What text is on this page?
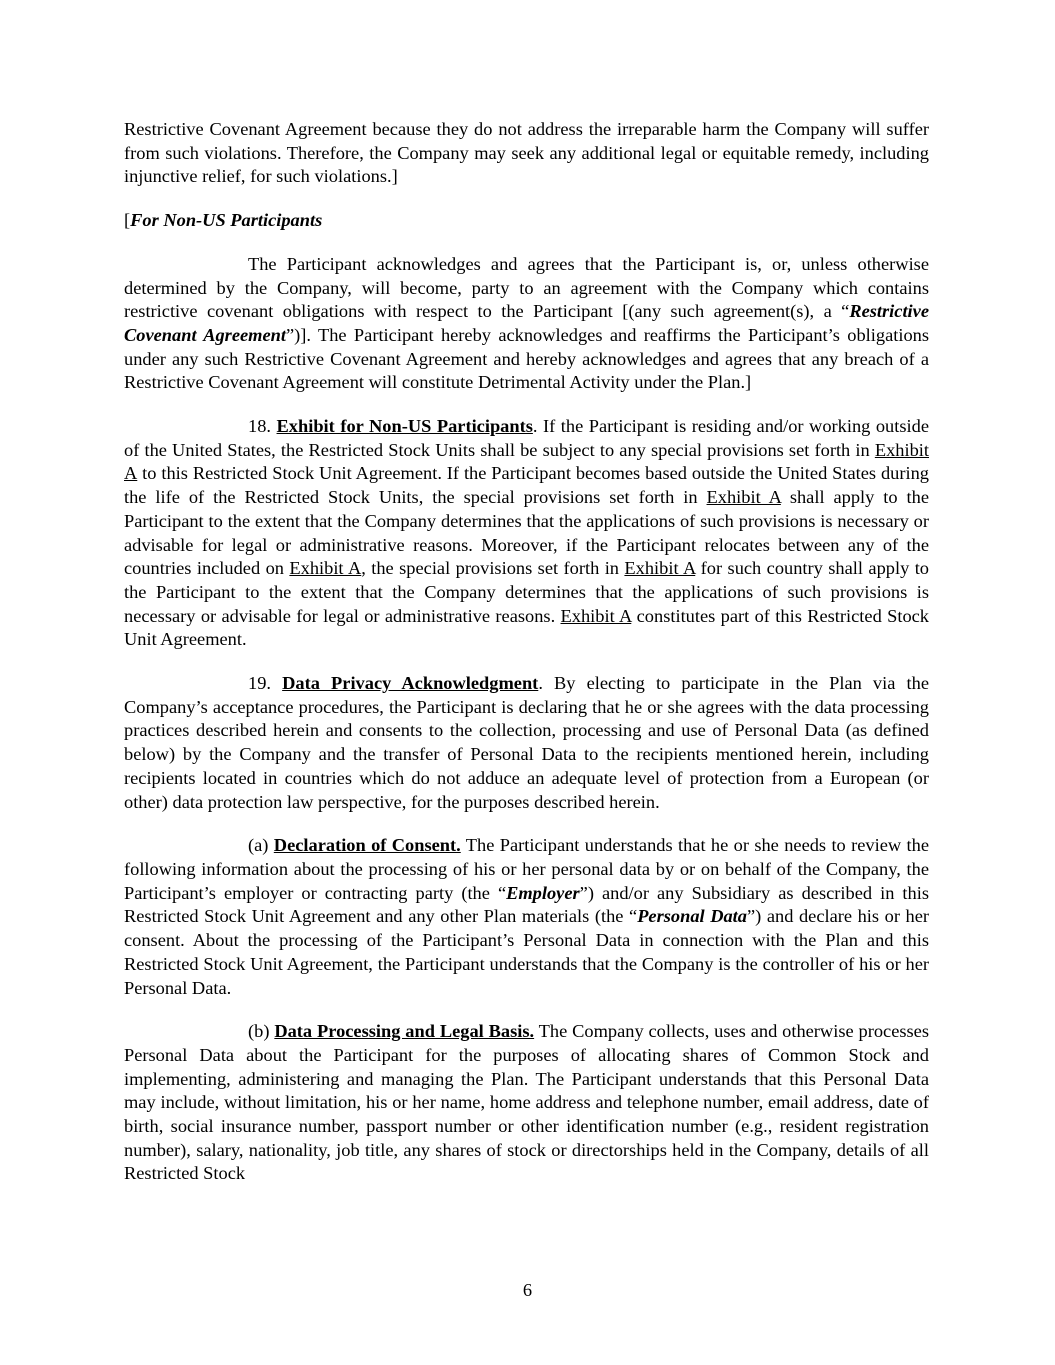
Restrictive Covenant Agreement because they do not address the irreparable harm the Company will suffer from such violations. Therefore, the Company may seek any additional legal or equitable remedy, including injunctive relief, for such violations.]

[For Non-US Participants

The Participant acknowledges and agrees that the Participant is, or, unless otherwise determined by the Company, will become, party to an agreement with the Company which contains restrictive covenant obligations with respect to the Participant [(any such agreement(s), a “Restrictive Covenant Agreement”)]. The Participant hereby acknowledges and reaffirms the Participant’s obligations under any such Restrictive Covenant Agreement and hereby acknowledges and agrees that any breach of a Restrictive Covenant Agreement will constitute Detrimental Activity under the Plan.]

18. Exhibit for Non-US Participants. If the Participant is residing and/or working outside of the United States, the Restricted Stock Units shall be subject to any special provisions set forth in Exhibit A to this Restricted Stock Unit Agreement. If the Participant becomes based outside the United States during the life of the Restricted Stock Units, the special provisions set forth in Exhibit A shall apply to the Participant to the extent that the Company determines that the applications of such provisions is necessary or advisable for legal or administrative reasons. Moreover, if the Participant relocates between any of the countries included on Exhibit A, the special provisions set forth in Exhibit A for such country shall apply to the Participant to the extent that the Company determines that the applications of such provisions is necessary or advisable for legal or administrative reasons. Exhibit A constitutes part of this Restricted Stock Unit Agreement.

19. Data Privacy Acknowledgment. By electing to participate in the Plan via the Company’s acceptance procedures, the Participant is declaring that he or she agrees with the data processing practices described herein and consents to the collection, processing and use of Personal Data (as defined below) by the Company and the transfer of Personal Data to the recipients mentioned herein, including recipients located in countries which do not adduce an adequate level of protection from a European (or other) data protection law perspective, for the purposes described herein.

(a) Declaration of Consent. The Participant understands that he or she needs to review the following information about the processing of his or her personal data by or on behalf of the Company, the Participant’s employer or contracting party (the “Employer”) and/or any Subsidiary as described in this Restricted Stock Unit Agreement and any other Plan materials (the “Personal Data”) and declare his or her consent. About the processing of the Participant’s Personal Data in connection with the Plan and this Restricted Stock Unit Agreement, the Participant understands that the Company is the controller of his or her Personal Data.

(b) Data Processing and Legal Basis. The Company collects, uses and otherwise processes Personal Data about the Participant for the purposes of allocating shares of Common Stock and implementing, administering and managing the Plan. The Participant understands that this Personal Data may include, without limitation, his or her name, home address and telephone number, email address, date of birth, social insurance number, passport number or other identification number (e.g., resident registration number), salary, nationality, job title, any shares of stock or directorships held in the Company, details of all Restricted Stock

6
